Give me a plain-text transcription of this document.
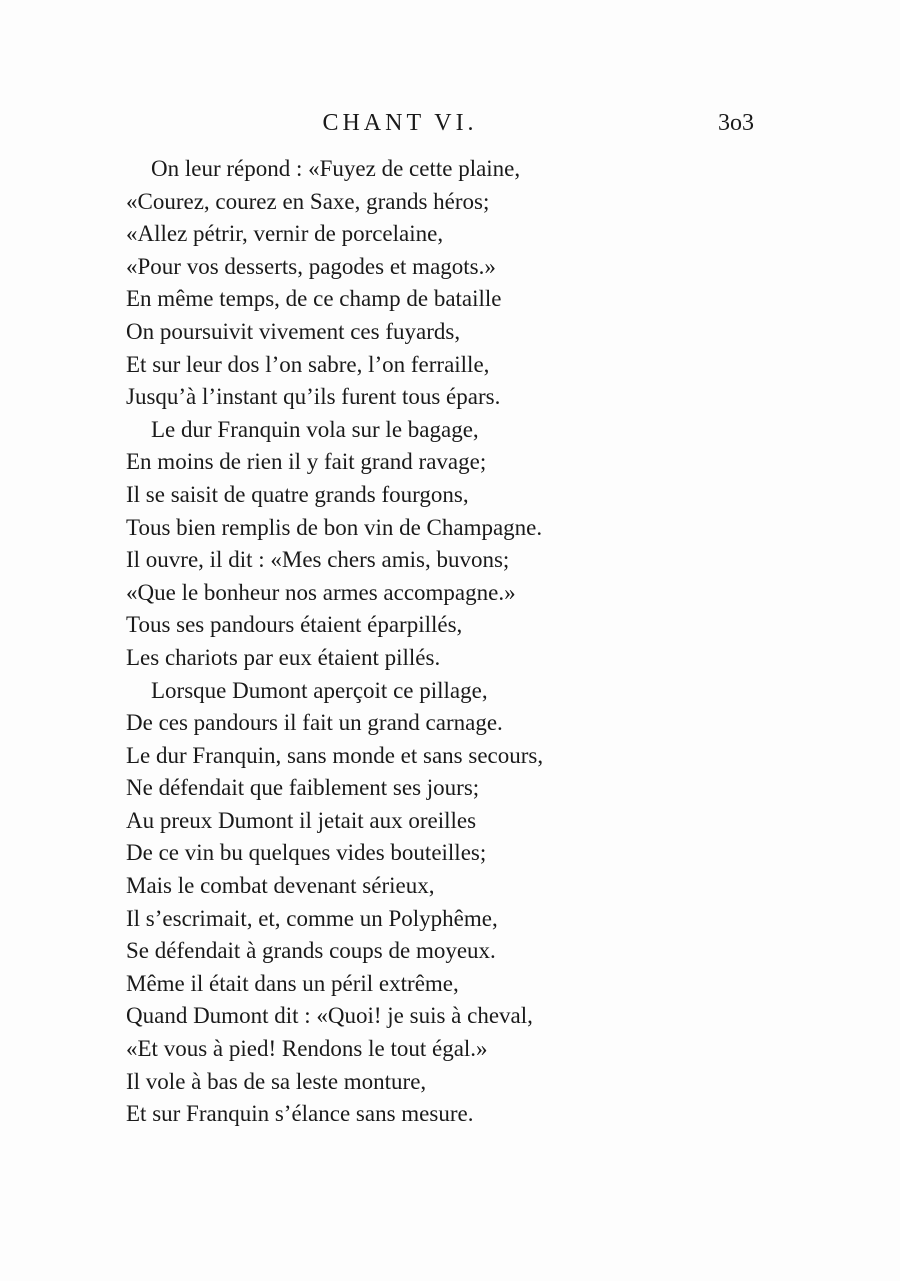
CHANT VI.	3o3
On leur répond : «Fuyez de cette plaine,
«Courez, courez en Saxe, grands héros;
«Allez pétrir, vernir de porcelaine,
«Pour vos desserts, pagodes et magots.»
En même temps, de ce champ de bataille
On poursuivit vivement ces fuyards,
Et sur leur dos l’on sabre, l’on ferraille,
Jusqu’à l’instant qu’ils furent tous épars.
Le dur Franquin vola sur le bagage,
En moins de rien il y fait grand ravage;
Il se saisit de quatre grands fourgons,
Tous bien remplis de bon vin de Champagne.
Il ouvre, il dit : «Mes chers amis, buvons;
«Que le bonheur nos armes accompagne.»
Tous ses pandours étaient éparpillés,
Les chariots par eux étaient pillés.
Lorsque Dumont aperçoit ce pillage,
De ces pandours il fait un grand carnage.
Le dur Franquin, sans monde et sans secours,
Ne défendait que faiblement ses jours;
Au preux Dumont il jetait aux oreilles
De ce vin bu quelques vides bouteilles;
Mais le combat devenant sérieux,
Il s’escrimait, et, comme un Polyphême,
Se défendait à grands coups de moyeux.
Même il était dans un péril extrême,
Quand Dumont dit : «Quoi! je suis à cheval,
«Et vous à pied! Rendons le tout égal.»
Il vole à bas de sa leste monture,
Et sur Franquin s’élance sans mesure.
